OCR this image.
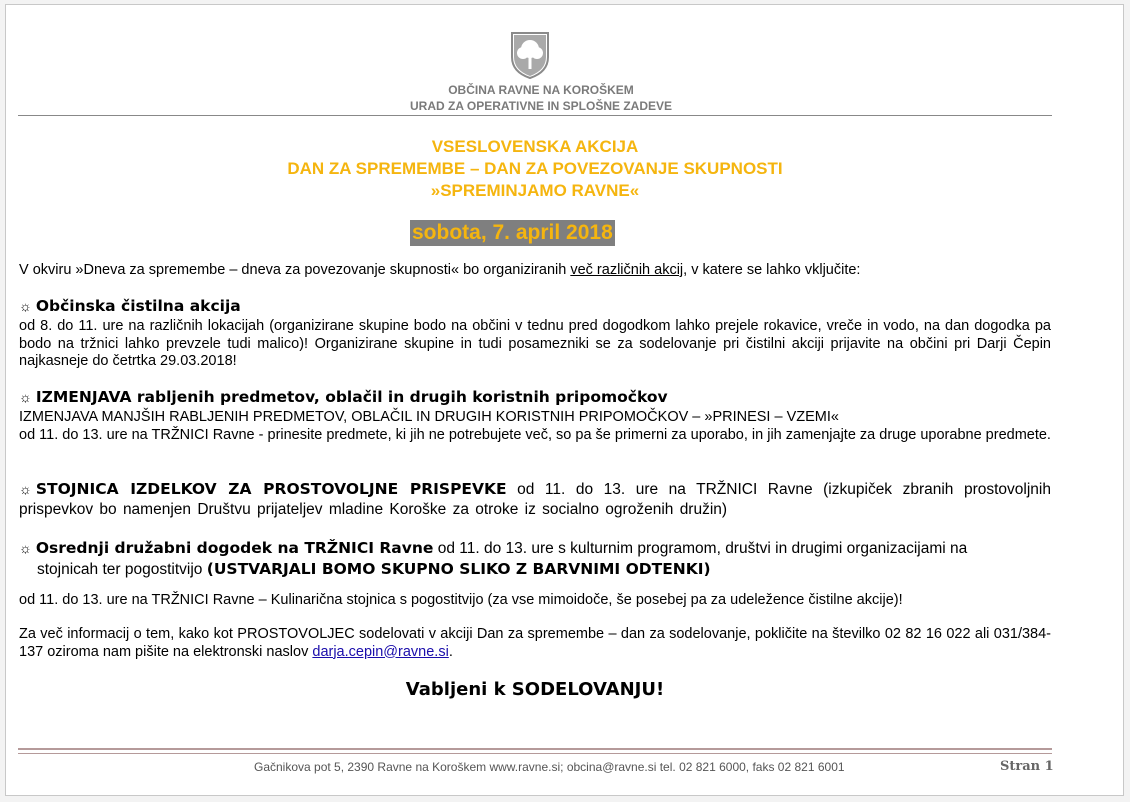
OBČINA RAVNE NA KOROŠKEM
URAD ZA OPERATIVNE IN SPLOŠNE ZADEVE
VSESLOVENSKA AKCIJA
DAN ZA SPREMEMBE – DAN ZA POVEZOVANJE SKUPNOSTI
»SPREMINJAMO RAVNE«
sobota, 7. april 2018
V okviru »Dneva za spremembe – dneva za povezovanje skupnosti« bo organiziranih več različnih akcij, v katere se lahko vključite:
☼ Občinska čistilna akcija
od 8. do 11. ure na različnih lokacijah (organizirane skupine bodo na občini v tednu pred dogodkom lahko prejele rokavice, vreče in vodo, na dan dogodka pa bodo na tržnici lahko prevzele tudi malico)! Organizirane skupine in tudi posamezniki se za sodelovanje pri čistilni akciji prijavite na občini pri Darji Čepin najkasneje do četrtka 29.03.2018!
☼ IZMENJAVA rabljenih predmetov, oblačil in drugih koristnih pripomočkov
IZMENJAVA MANJŠIH RABLJENIH PREDMETOV, OBLAČIL IN DRUGIH KORISTNIH PRIPOMOČKOV – »PRINESI – VZEMI«
od 11. do 13. ure na TRŽNICI Ravne - prinesite predmete, ki jih ne potrebujete več, so pa še primerni za uporabo, in jih zamenjajte za druge uporabne predmete.
☼ STOJNICA IZDELKOV ZA PROSTOVOLJNE PRISPEVKE od 11. do 13. ure na TRŽNICI Ravne (izkupiček zbranih prostovoljnih prispevkov bo namenjen Društvu prijateljev mladine Koroške za otroke iz socialno ogroženih družin)
☼ Osrednji družabni dogodek na TRŽNICI Ravne od 11. do 13. ure s kulturnim programom, društvi in drugimi organizacijami na stojnicah ter pogostitvijo (USTVARJALI BOMO SKUPNO SLIKO Z BARVNIMI ODTENKI)
od 11. do 13. ure na TRŽNICI Ravne – Kulinarična stojnica s pogostitvijo (za vse mimoidoče, še posebej pa za udeležence čistilne akcije)!
Za več informacij o tem, kako kot PROSTOVOLJEC sodelovati v akciji Dan za spremembe – dan za sodelovanje, pokličite na številko 02 82 16 022 ali 031/384-137 oziroma nam pišite na elektronski naslov darja.cepin@ravne.si.
Vabljeni k SODELOVANJU!
Gačnikova pot 5, 2390 Ravne na Koroškem www.ravne.si; obcina@ravne.si tel. 02 821 6000, faks 02 821 6001	Stran 1
